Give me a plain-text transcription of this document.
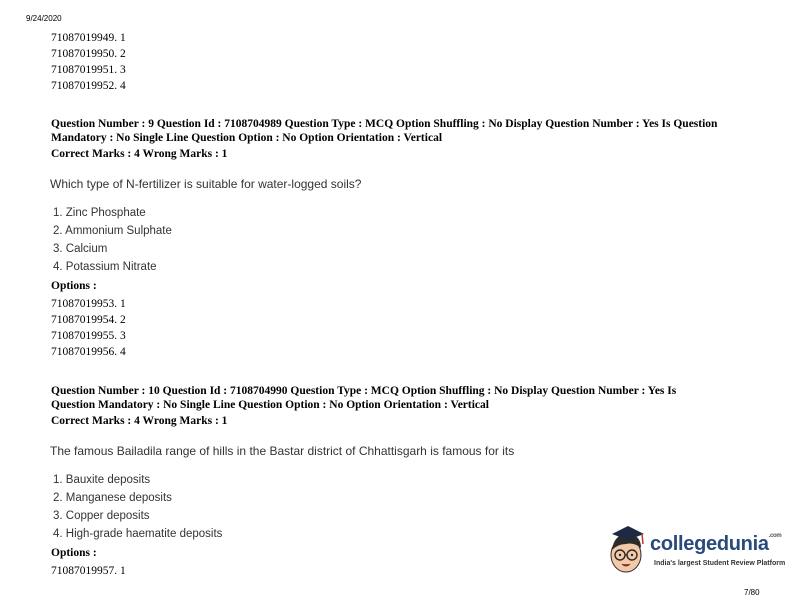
9/24/2020
71087019949. 1
71087019950. 2
71087019951. 3
71087019952. 4
Question Number : 9 Question Id : 7108704989 Question Type : MCQ Option Shuffling : No Display Question Number : Yes Is Question
Mandatory : No Single Line Question Option : No Option Orientation : Vertical
Correct Marks : 4 Wrong Marks : 1
Which type of N-fertilizer is suitable for water-logged soils?
1. Zinc Phosphate
2. Ammonium Sulphate
3. Calcium
4. Potassium Nitrate
Options :
71087019953. 1
71087019954. 2
71087019955. 3
71087019956. 4
Question Number : 10 Question Id : 7108704990 Question Type : MCQ Option Shuffling : No Display Question Number : Yes Is
Question Mandatory : No Single Line Question Option : No Option Orientation : Vertical
Correct Marks : 4 Wrong Marks : 1
The famous Bailadila range of hills in the Bastar district of Chhattisgarh is famous for its
1. Bauxite deposits
2. Manganese deposits
3. Copper deposits
4. High-grade haematite deposits
Options :
71087019957. 1
collegedunia$^{.com}$
India's largest Student Review Platform
7/80
